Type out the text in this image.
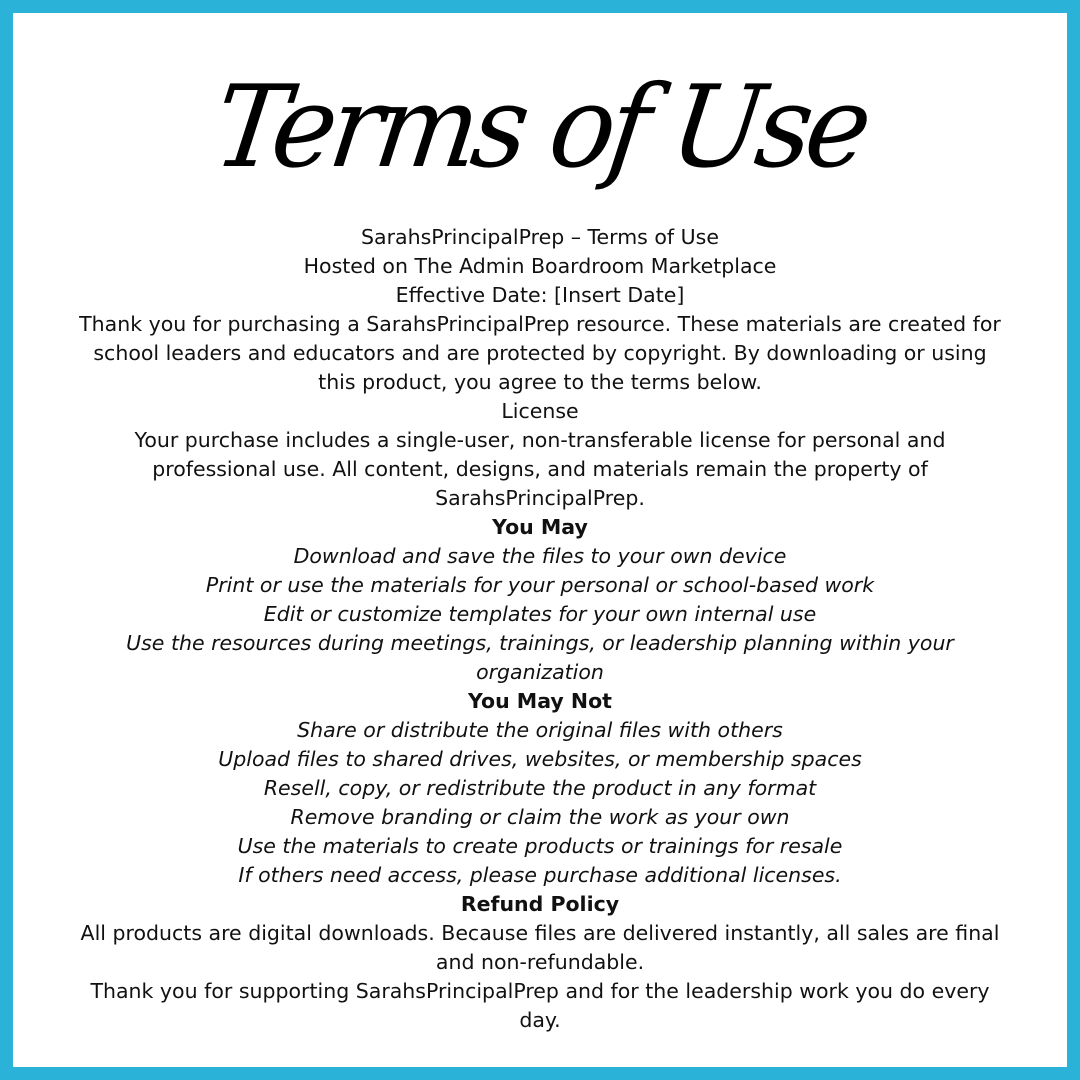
Terms of Use

SarahsPrincipalPrep – Terms of Use

Hosted on The Admin Boardroom Marketplace

Effective Date: [Insert Date]

Thank you for purchasing a SarahsPrincipalPrep resource. These materials are created for school leaders and educators and are protected by copyright. By downloading or using this product, you agree to the terms below.

License

Your purchase includes a single-user, non-transferable license for personal and professional use. All content, designs, and materials remain the property of SarahsPrincipalPrep.

You May

Download and save the files to your own device

Print or use the materials for your personal or school-based work

Edit or customize templates for your own internal use

Use the resources during meetings, trainings, or leadership planning within your organization

You May Not

Share or distribute the original files with others

Upload files to shared drives, websites, or membership spaces

Resell, copy, or redistribute the product in any format

Remove branding or claim the work as your own

Use the materials to create products or trainings for resale

If others need access, please purchase additional licenses.

Refund Policy

All products are digital downloads. Because files are delivered instantly, all sales are final and non-refundable.

Thank you for supporting SarahsPrincipalPrep and for the leadership work you do every day.
